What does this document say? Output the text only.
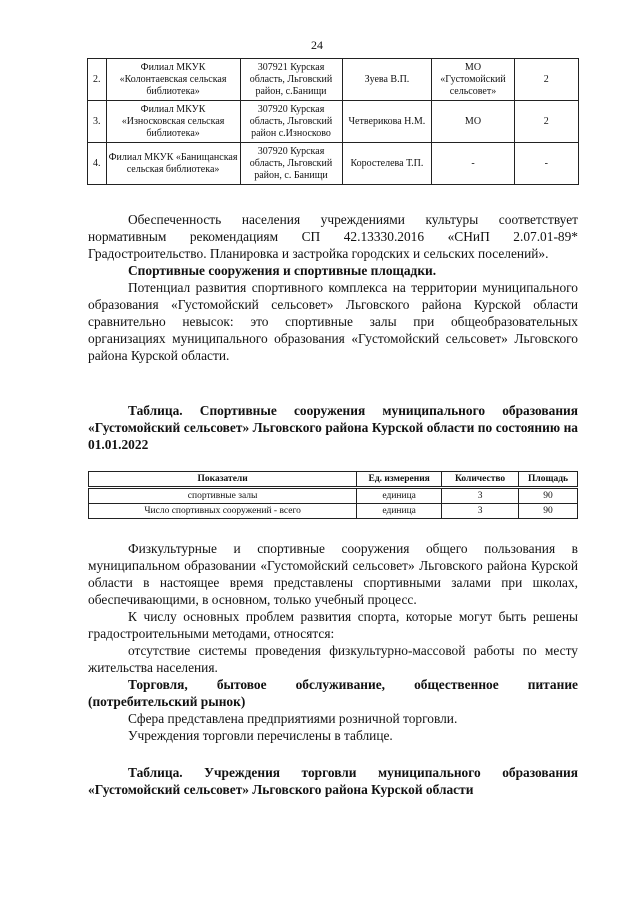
24
2.	Филиал МКУК «Колонтаевская сельская библиотека»	307921 Курская область, Льговский район, с.Банищи	Зуева В.П.	МО «Густомойский сельсовет»	2
3.	Филиал МКУК «Износковская сельская библиотека»	307920 Курская область, Льговский район с.Износково	Четверикова Н.М.	МО	2
4.	Филиал МКУК «Банищанская сельская библиотека»	307920 Курская область, Льговский район, с. Банищи	Коростелева Т.П.	-	-

Обеспеченность населения учреждениями культуры соответствует нормативным рекомендациям СП 42.13330.2016 «СНиП 2.07.01-89* Градостроительство. Планировка и застройка городских и сельских поселений».

Спортивные сооружения и спортивные площадки.

Потенциал развития спортивного комплекса на территории муниципального образования «Густомойский сельсовет» Льговского района Курской области сравнительно невысок: это спортивные залы при общеобразовательных организациях муниципального образования «Густомойский сельсовет» Льговского района Курской области.

Таблица. Спортивные сооружения муниципального образования «Густомойский сельсовет» Льговского района Курской области по состоянию на 01.01.2022

Показатели	Ед. измерения	Количество	Площадь
спортивные залы	единица	3	90
Число спортивных сооружений - всего	единица	3	90

Физкультурные и спортивные сооружения общего пользования в муниципальном образовании «Густомойский сельсовет» Льговского района Курской области в настоящее время представлены спортивными залами при школах, обеспечивающими, в основном, только учебный процесс.

К числу основных проблем развития спорта, которые могут быть решены градостроительными методами, относятся:

отсутствие системы проведения физкультурно-массовой работы по месту жительства населения.

Торговля, бытовое обслуживание, общественное питание (потребительский рынок)

Сфера представлена предприятиями розничной торговли.

Учреждения торговли перечислены в таблице.

Таблица. Учреждения торговли муниципального образования «Густомойский сельсовет» Льговского района Курской области
